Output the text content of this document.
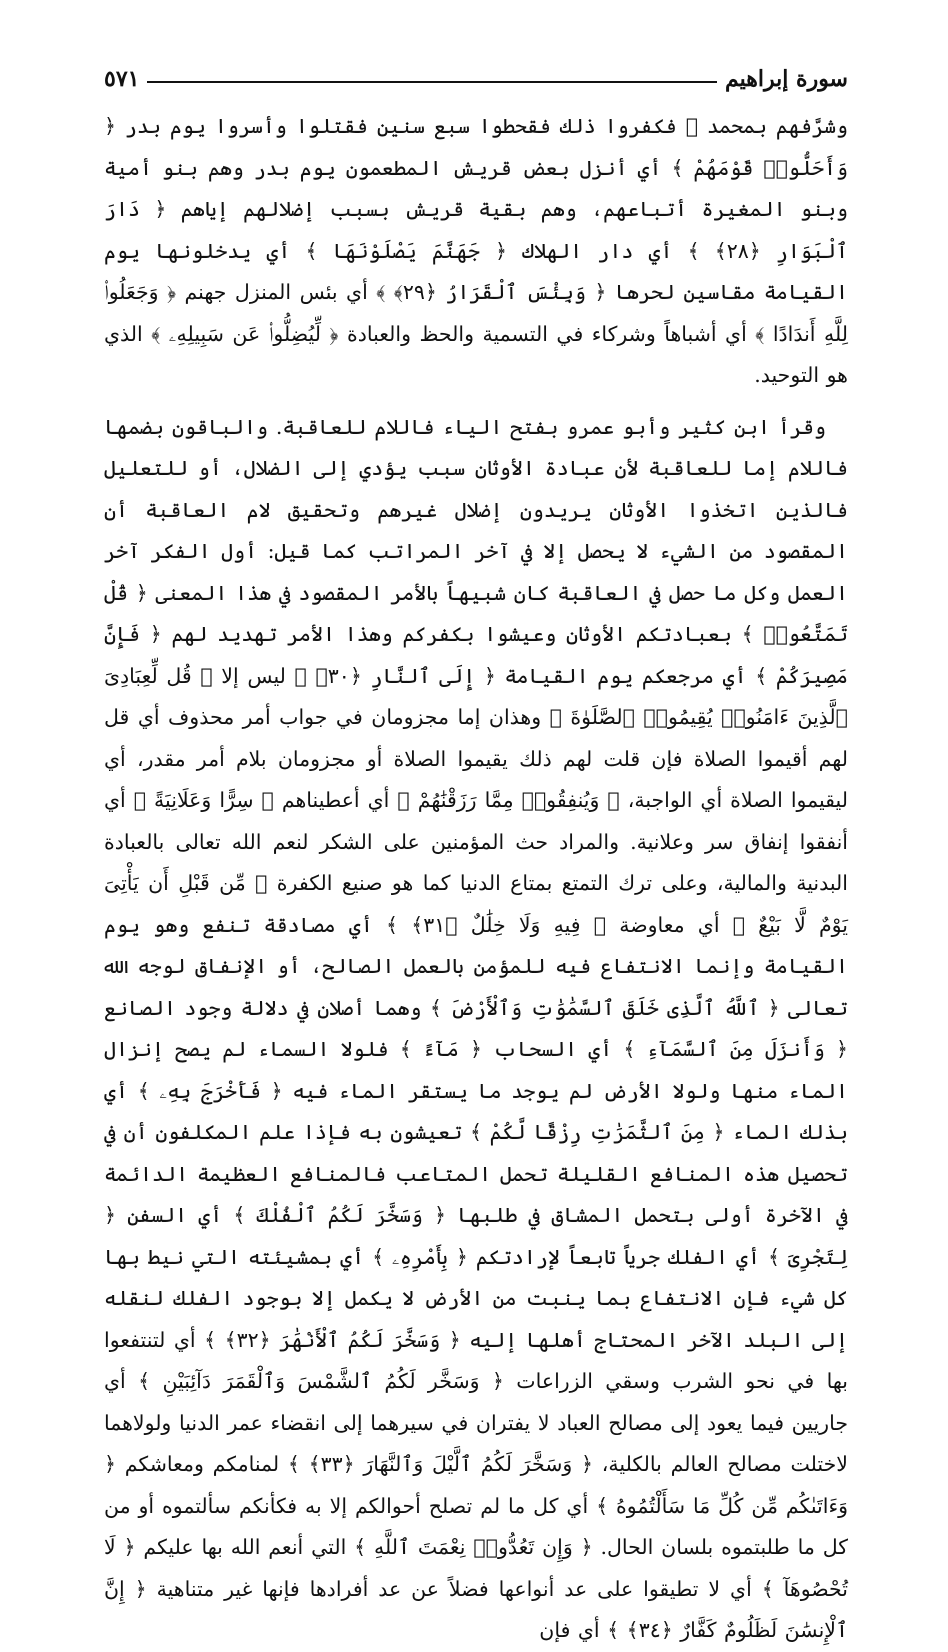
سورة إبراهيم
٥٧١

وشرَّفهم بمحمد ﷺ فكفروا ذلك فقحطوا سبع سنين فقتلوا وأسروا يوم بدر ﴿ وَأَحَلُّوا۟ قَوْمَهُمْ ﴾ أي أنزل بعض قريش المطعمون يوم بدر وهم بنو أمية وبنو المغيرة أتباعهم، وهم بقية قريش بسبب إضلالهم إياهم ﴿ دَارَ ٱلْبَوَارِ ﴿٢٨﴾ ﴾ أي دار الهلاك ﴿ جَهَنَّمَ يَصْلَوْنَهَا ﴾ أي يدخلونها يوم القيامة مقاسين لحرها ﴿ وَبِئْسَ ٱلْقَرَارُ ﴿٢٩﴾ ﴾ أي بئس المنزل جهنم ﴿ وَجَعَلُوا۟ لِلَّهِ أَندَادًا ﴾ أي أشباهاً وشركاء في التسمية والحظ والعبادة ﴿ لِّيُضِلُّوا۟ عَن سَبِيلِهِۦ ﴾ الذي هو التوحيد.

وقرأ ابن كثير وأبو عمرو بفتح الياء فاللام للعاقبة. والباقون بضمها فاللام إما للعاقبة لأن عبادة الأوثان سبب يؤدي إلى الضلال، أو للتعليل فالذين اتخذوا الأوثان يريدون إضلال غيرهم وتحقيق لام العاقبة أن المقصود من الشيء لا يحصل إلا في آخر المراتب كما قيل: أول الفكر آخر العمل وكل ما حصل في العاقبة كان شبيهاً بالأمر المقصود في هذا المعنى ﴿ قُلْ تَمَتَّعُوا۟ ﴾ بعبادتكم الأوثان وعيشوا بكفركم وهذا الأمر تهديد لهم ﴿ فَإِنَّ مَصِيرَكُمْ ﴾ أي مرجعكم يوم القيامة ﴿ إِلَى ٱلنَّارِ ﴿٣٠﴾ ﴾ ليس إلا ﴿ قُل لِّعِبَادِىَ ٱلَّذِينَ ءَامَنُوا۟ يُقِيمُوا۟ ٱلصَّلَوٰةَ ﴾ وهذان إما مجزومان في جواب أمر محذوف أي قل لهم أقيموا الصلاة فإن قلت لهم ذلك يقيموا الصلاة أو مجزومان بلام أمر مقدر، أي ليقيموا الصلاة أي الواجبة، ﴿ وَيُنفِقُوا۟ مِمَّا رَزَقْنَٰهُمْ ﴾ أي أعطيناهم ﴿ سِرًّا وَعَلَانِيَةً ﴾ أي أنفقوا إنفاق سر وعلانية. والمراد حث المؤمنين على الشكر لنعم الله تعالى بالعبادة البدنية والمالية، وعلى ترك التمتع بمتاع الدنيا كما هو صنيع الكفرة ﴿ مِّن قَبْلِ أَن يَأْتِىَ يَوْمٌ لَّا بَيْعٌ ﴾ أي معاوضة ﴿ فِيهِ وَلَا خِلَٰلٌ ﴿٣١﴾ ﴾ أي مصادقة تنفع وهو يوم القيامة وإنما الانتفاع فيه للمؤمن بالعمل الصالح، أو الإنفاق لوجه الله تعالى ﴿ ٱللَّهُ ٱلَّذِى خَلَقَ ٱلسَّمَٰوَٰتِ وَٱلْأَرْضَ ﴾ وهما أصلان في دلالة وجود الصانع ﴿ وَأَنزَلَ مِنَ ٱلسَّمَآءِ ﴾ أي السحاب ﴿ مَآءً ﴾ فلولا السماء لم يصح إنزال الماء منها ولولا الأرض لم يوجد ما يستقر الماء فيه ﴿ فَأَخْرَجَ بِهِۦ ﴾ أي بذلك الماء ﴿ مِنَ ٱلثَّمَرَٰتِ رِزْقًا لَّكُمْ ﴾ تعيشون به فإذا علم المكلفون أن في تحصيل هذه المنافع القليلة تحمل المتاعب فالمنافع العظيمة الدائمة في الآخرة أولى بتحمل المشاق في طلبها ﴿ وَسَخَّرَ لَكُمُ ٱلْفُلْكَ ﴾ أي السفن ﴿ لِتَجْرِىَ ﴾ أي الفلك جرياً تابعاً لإرادتكم ﴿ بِأَمْرِهِۦ ﴾ أي بمشيئته التي نيط بها كل شيء فإن الانتفاع بما ينبت من الأرض لا يكمل إلا بوجود الفلك لنقله إلى البلد الآخر المحتاج أهلها إليه ﴿ وَسَخَّرَ لَكُمُ ٱلْأَنْهَٰرَ ﴿٣٢﴾ ﴾ أي لتنتفعوا بها في نحو الشرب وسقي الزراعات ﴿ وَسَخَّر لَكُمُ ٱلشَّمْسَ وَٱلْقَمَرَ دَآئِبَيْنِ ﴾ أي جاريين فيما يعود إلى مصالح العباد لا يفتران في سيرهما إلى انقضاء عمر الدنيا ولولاهما لاختلت مصالح العالم بالكلية، ﴿ وَسَخَّرَ لَكُمُ ٱلَّيْلَ وَٱلنَّهَارَ ﴿٣٣﴾ ﴾ لمنامكم ومعاشكم ﴿ وَءَاتَىٰكُم مِّن كُلِّ مَا سَأَلْتُمُوهُ ﴾ أي كل ما لم تصلح أحوالكم إلا به فكأنكم سألتموه أو من كل ما طلبتموه بلسان الحال. ﴿ وَإِن تَعُدُّوا۟ نِعْمَتَ ٱللَّهِ ﴾ التي أنعم الله بها عليكم ﴿ لَا تُحْصُوهَآ ﴾ أي لا تطيقوا على عد أنواعها فضلاً عن عد أفرادها فإنها غير متناهية ﴿ إِنَّ ٱلْإِنسَٰنَ لَظَلُومٌ كَفَّارٌ ﴿٣٤﴾ ﴾ أي فإن
